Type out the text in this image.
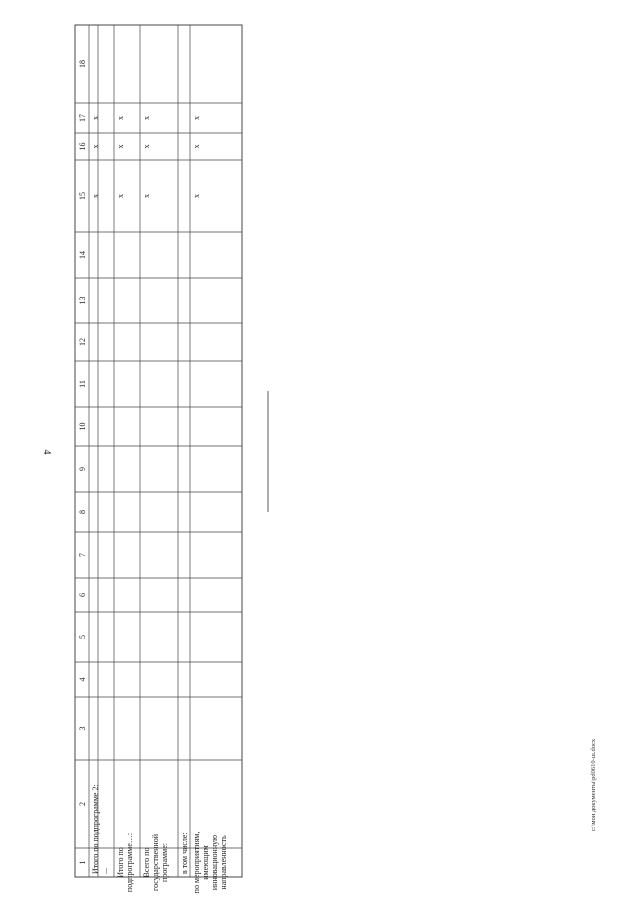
1
2
3
4
5
6
7
8
9
10
11
12
13
14
15
16
17
18
Итого по подпрограмме 2:
x
x
x
... Итого по подпрограмме…:
x
x
x
Всего по государственной программе:
x
x
x
в том числе: по мероприятиям, имеющим инновационную направленность
x
x
x
4
c:\мои документы\pd0610-ш.docx
